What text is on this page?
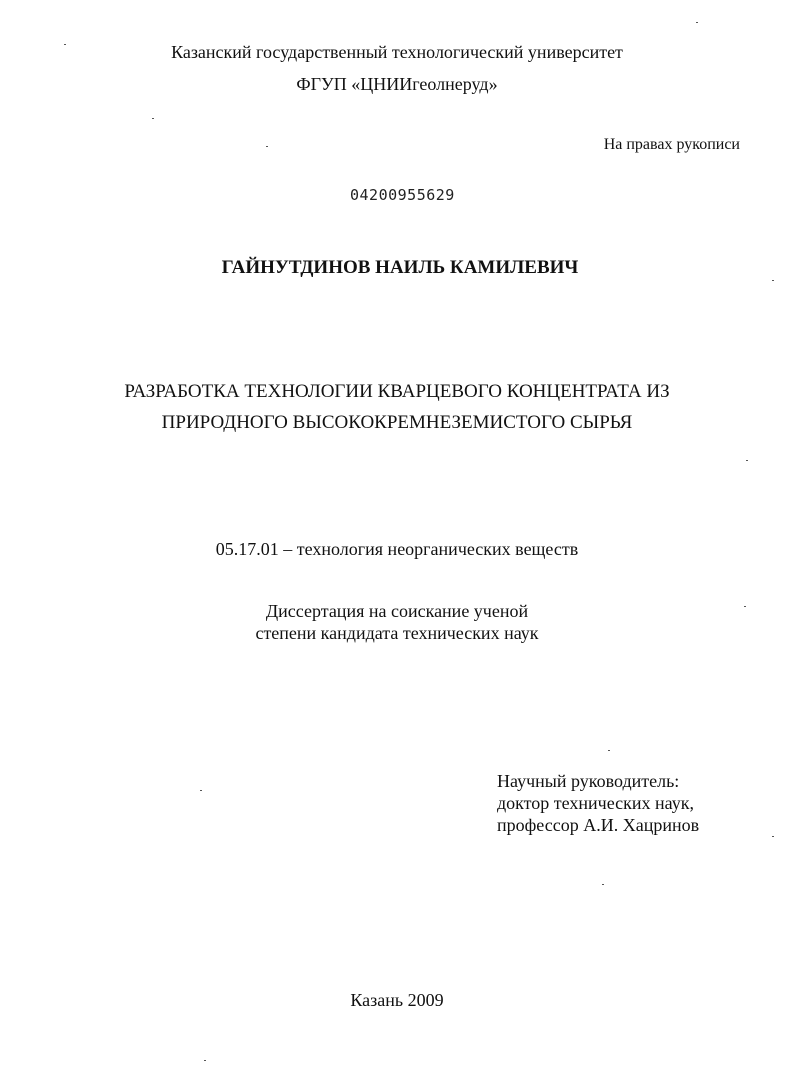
Казанский государственный технологический университет
ФГУП «ЦНИИгеолнеруд»
На правах рукописи
04200955629
ГАЙНУТДИНОВ НАИЛЬ КАМИЛЕВИЧ
РАЗРАБОТКА ТЕХНОЛОГИИ КВАРЦЕВОГО КОНЦЕНТРАТА ИЗ
ПРИРОДНОГО ВЫСОКОКРЕМНЕЗЕМИСТОГО СЫРЬЯ
05.17.01 – технология неорганических веществ
Диссертация на соискание ученой
степени кандидата технических наук
Научный руководитель:
доктор технических наук,
профессор А.И. Хацринов
Казань 2009
